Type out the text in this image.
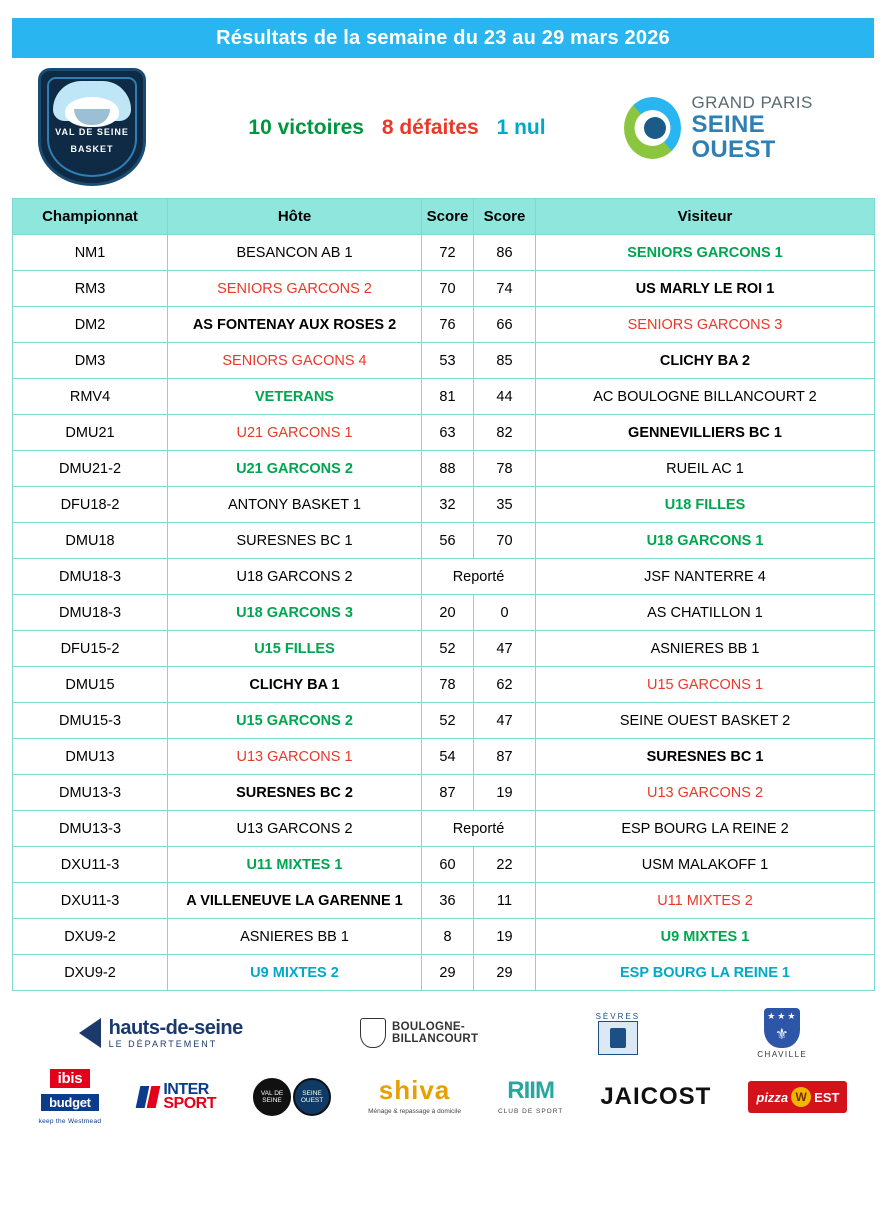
Résultats de la semaine du 23 au 29 mars 2026
VAL DE SEINE
BASKET
10 victoires 8 défaites 1 nul
GRAND PARIS
SEINE OUEST
Championnat	Hôte	Score	Score	Visiteur
NM1	BESANCON AB 1	72	86	SENIORS GARCONS 1
RM3	SENIORS GARCONS 2	70	74	US MARLY LE ROI 1
DM2	AS FONTENAY AUX ROSES 2	76	66	SENIORS GARCONS 3
DM3	SENIORS GACONS 4	53	85	CLICHY BA 2
RMV4	VETERANS	81	44	AC BOULOGNE BILLANCOURT 2
DMU21	U21 GARCONS 1	63	82	GENNEVILLIERS BC 1
DMU21-2	U21 GARCONS 2	88	78	RUEIL AC 1
DFU18-2	ANTONY BASKET 1	32	35	U18 FILLES
DMU18	SURESNES BC 1	56	70	U18 GARCONS 1
DMU18-3	U18 GARCONS 2	Reporté		JSF NANTERRE 4
DMU18-3	U18 GARCONS 3	20	0	AS CHATILLON 1
DFU15-2	U15 FILLES	52	47	ASNIERES BB 1
DMU15	CLICHY BA 1	78	62	U15 GARCONS 1
DMU15-3	U15 GARCONS 2	52	47	SEINE OUEST BASKET 2
DMU13	U13 GARCONS 1	54	87	SURESNES BC 1
DMU13-3	SURESNES BC 2	87	19	U13 GARCONS 2
DMU13-3	U13 GARCONS 2	Reporté		ESP BOURG LA REINE 2
DXU11-3	U11 MIXTES 1	60	22	USM MALAKOFF 1
DXU11-3	A VILLENEUVE LA GARENNE 1	36	11	U11 MIXTES 2
DXU9-2	ASNIERES BB 1	8	19	U9 MIXTES 1
DXU9-2	U9 MIXTES 2	29	29	ESP BOURG LA REINE 1
hauts-de-seine
LE DÉPARTEMENT
BOULOGNE-
BILLANCOURT
SÈVRES	★★★
⚜
CHAVILLE
ibis
budget
keep the Westmead
INTER
SPORT
VAL DE SEINE
SEINE OUEST shiva
Ménage & repassage à domicile
RIIM
CLUB DE SPORT
JAICOST	pizza W EST
